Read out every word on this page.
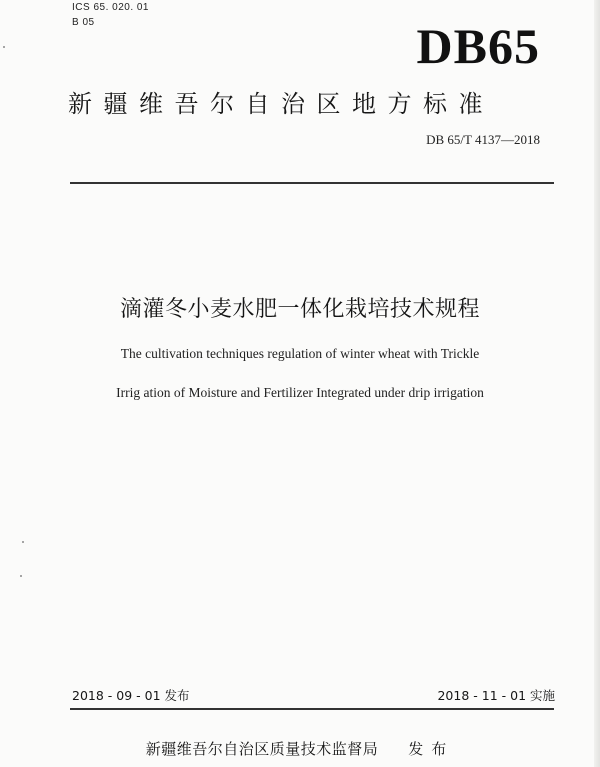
ICS 65. 020. 01
B 05	DB65
新疆维吾尔自治区地方标准
DB 65/T 4137—2018
滴灌冬小麦水肥一体化栽培技术规程
The cultivation techniques regulation of winter wheat with Trickle
Irrig ation of Moisture and Fertilizer Integrated under drip irrigation
2018 - 09 - 01 发布	2018 - 11 - 01 实施
新疆维吾尔自治区质量技术监督局 发布
